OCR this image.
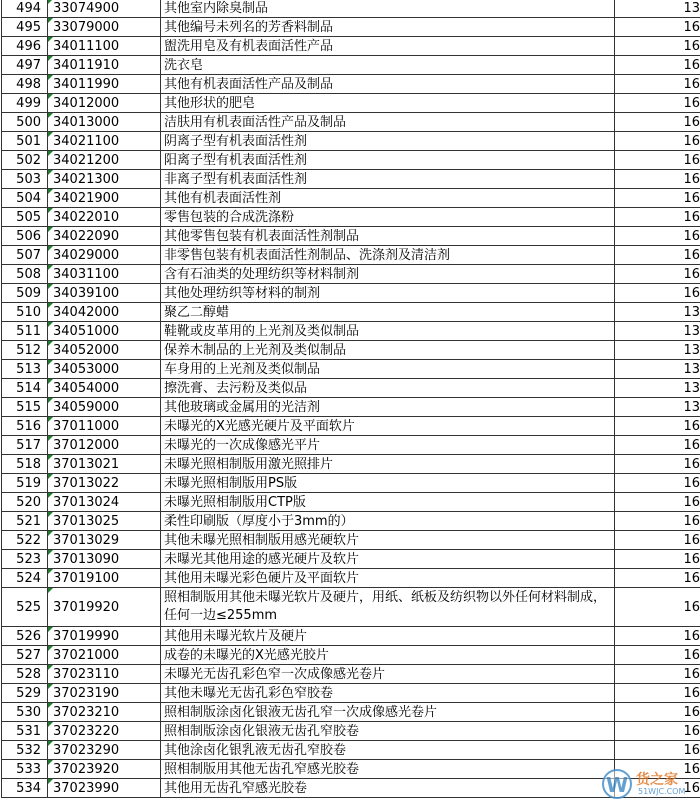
494	33074900	其他室内除臭制品	13
495	33079000	其他编号未列名的芳香料制品	16
496	34011100	盥洗用皂及有机表面活性产品	16
497	34011910	洗衣皂	16
498	34011990	其他有机表面活性产品及制品	16
499	34012000	其他形状的肥皂	16
500	34013000	洁肤用有机表面活性产品及制品	16
501	34021100	阴离子型有机表面活性剂	16
502	34021200	阳离子型有机表面活性剂	16
503	34021300	非离子型有机表面活性剂	16
504	34021900	其他有机表面活性剂	16
505	34022010	零售包装的合成洗涤粉	16
506	34022090	其他零售包装有机表面活性剂制品	16
507	34029000	非零售包装有机表面活性剂制品、洗涤剂及清洁剂	16
508	34031100	含有石油类的处理纺织等材料制剂	16
509	34039100	其他处理纺织等材料的制剂	16
510	34042000	聚乙二醇蜡	13
511	34051000	鞋靴或皮革用的上光剂及类似制品	13
512	34052000	保养木制品的上光剂及类似制品	13
513	34053000	车身用的上光剂及类似制品	13
514	34054000	擦洗膏、去污粉及类似品	13
515	34059000	其他玻璃或金属用的光洁剂	13
516	37011000	未曝光的X光感光硬片及平面软片	16
517	37012000	未曝光的一次成像感光平片	16
518	37013021	未曝光照相制版用激光照排片	16
519	37013022	未曝光照相制版用PS版	16
520	37013024	未曝光照相制版用CTP版	16
521	37013025	柔性印刷版（厚度小于3mm的）	16
522	37013029	其他未曝光照相制版用感光硬软片	16
523	37013090	未曝光其他用途的感光硬片及软片	16
524	37019100	其他用未曝光彩色硬片及平面软片	16
525	37019920	照相制版用其他未曝光软片及硬片，用纸、纸板及纺织物以外任何材料制成，任何一边≤255mm	16
526	37019990	其他用未曝光软片及硬片	16
527	37021000	成卷的未曝光的X光感光胶片	16
528	37023110	未曝光无齿孔彩色窄一次成像感光卷片	16
529	37023190	其他未曝光无齿孔彩色窄胶卷	16
530	37023210	照相制版涂卤化银液无齿孔窄一次成像感光卷片	16
531	37023220	照相制版涂卤化银液无齿孔窄胶卷	16
532	37023290	其他涂卤化银乳液无齿孔窄胶卷	16
533	37023920	照相制版用其他无齿孔窄感光胶卷	16
534	37023990	其他用无齿孔窄感光胶卷	16
W 货之家
51WJC.COM
